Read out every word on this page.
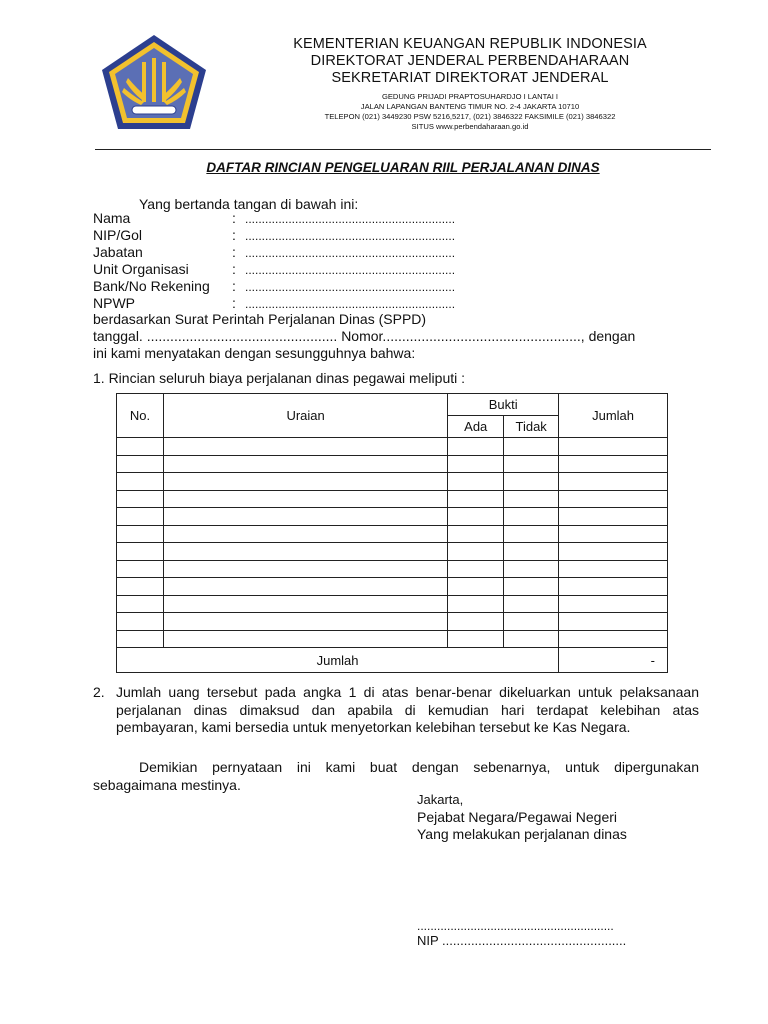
KEMENTERIAN KEUANGAN REPUBLIK INDONESIA
DIREKTORAT JENDERAL PERBENDAHARAAN
SEKRETARIAT DIREKTORAT JENDERAL
GEDUNG PRIJADI PRAPTOSUHARDJO I LANTAI I
JALAN LAPANGAN BANTENG TIMUR NO. 2-4 JAKARTA 10710
TELEPON (021) 3449230 PSW 5216,5217, (021) 3846322 FAKSIMILE (021) 3846322
SITUS www.perbendaharaan.go.id
DAFTAR RINCIAN PENGELUARAN RIIL PERJALANAN DINAS
Yang bertanda tangan di bawah ini:
Nama	: ...............................................................
NIP/Gol	: ...............................................................
Jabatan	: ...............................................................
Unit Organisasi	: ...............................................................
Bank/No Rekening : ...............................................................
NPWP	: ...............................................................
berdasarkan Surat Perintah Perjalanan Dinas (SPPD)
tanggal. ................................................. Nomor..................................................., dengan
ini kami menyatakan dengan sesungguhnya bahwa:
1. Rincian seluruh biaya perjalanan dinas pegawai meliputi :
No.	Uraian	Bukti		Jumlah
		Ada	Tidak	

Jumlah				-
2. Jumlah uang tersebut pada angka 1 di atas benar-benar dikeluarkan untuk pelaksanaan perjalanan dinas dimaksud dan apabila di kemudian hari terdapat kelebihan atas pembayaran, kami bersedia untuk menyetorkan kelebihan tersebut ke Kas Negara.
Demikian pernyataan ini kami buat dengan sebenarnya, untuk dipergunakan sebagaimana mestinya.
Jakarta,
Pejabat Negara/Pegawai Negeri
Yang melakukan perjalanan dinas
...........................................................
NIP ...................................................
